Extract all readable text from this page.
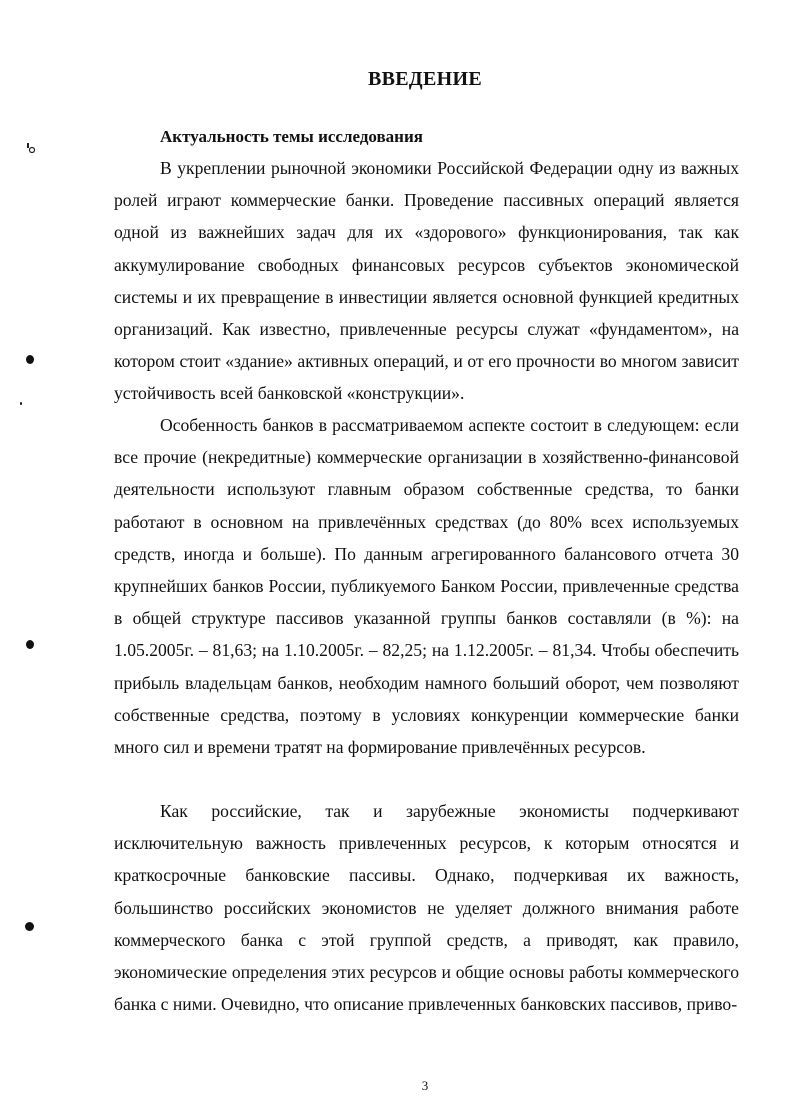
ВВЕДЕНИЕ
Актуальность темы исследования

В укреплении рыночной экономики Российской Федерации одну из важных ролей играют коммерческие банки. Проведение пассивных операций является одной из важнейших задач для их «здорового» функционирования, так как аккумулирование свободных финансовых ресурсов субъектов экономической системы и их превращение в инвестиции является основной функцией кредитных организаций. Как известно, привлеченные ресурсы служат «фундаментом», на котором стоит «здание» активных операций, и от его прочности во многом зависит устойчивость всей банковской «конструкции».

Особенность банков в рассматриваемом аспекте состоит в следующем: если все прочие (некредитные) коммерческие организации в хозяйственно-финансовой деятельности используют главным образом собственные средства, то банки работают в основном на привлечённых средствах (до 80% всех используемых средств, иногда и больше). По данным агрегированного балансового отчета 30 крупнейших банков России, публикуемого Банком России, привлеченные средства в общей структуре пассивов указанной группы банков составляли (в %): на 1.05.2005г. – 81,63; на 1.10.2005г. – 82,25; на 1.12.2005г. – 81,34. Чтобы обеспечить прибыль владельцам банков, необходим намного больший оборот, чем позволяют собственные средства, поэтому в условиях конкуренции коммерческие банки много сил и времени тратят на формирование привлечённых ресурсов.

Как российские, так и зарубежные экономисты подчеркивают исключительную важность привлеченных ресурсов, к которым относятся и краткосрочные банковские пассивы. Однако, подчеркивая их важность, большинство российских экономистов не уделяет должного внимания работе коммерческого банка с этой группой средств, а приводят, как правило, экономические определения этих ресурсов и общие основы работы коммерческого банка с ними. Очевидно, что описание привлеченных банковских пассивов, приво-

3
